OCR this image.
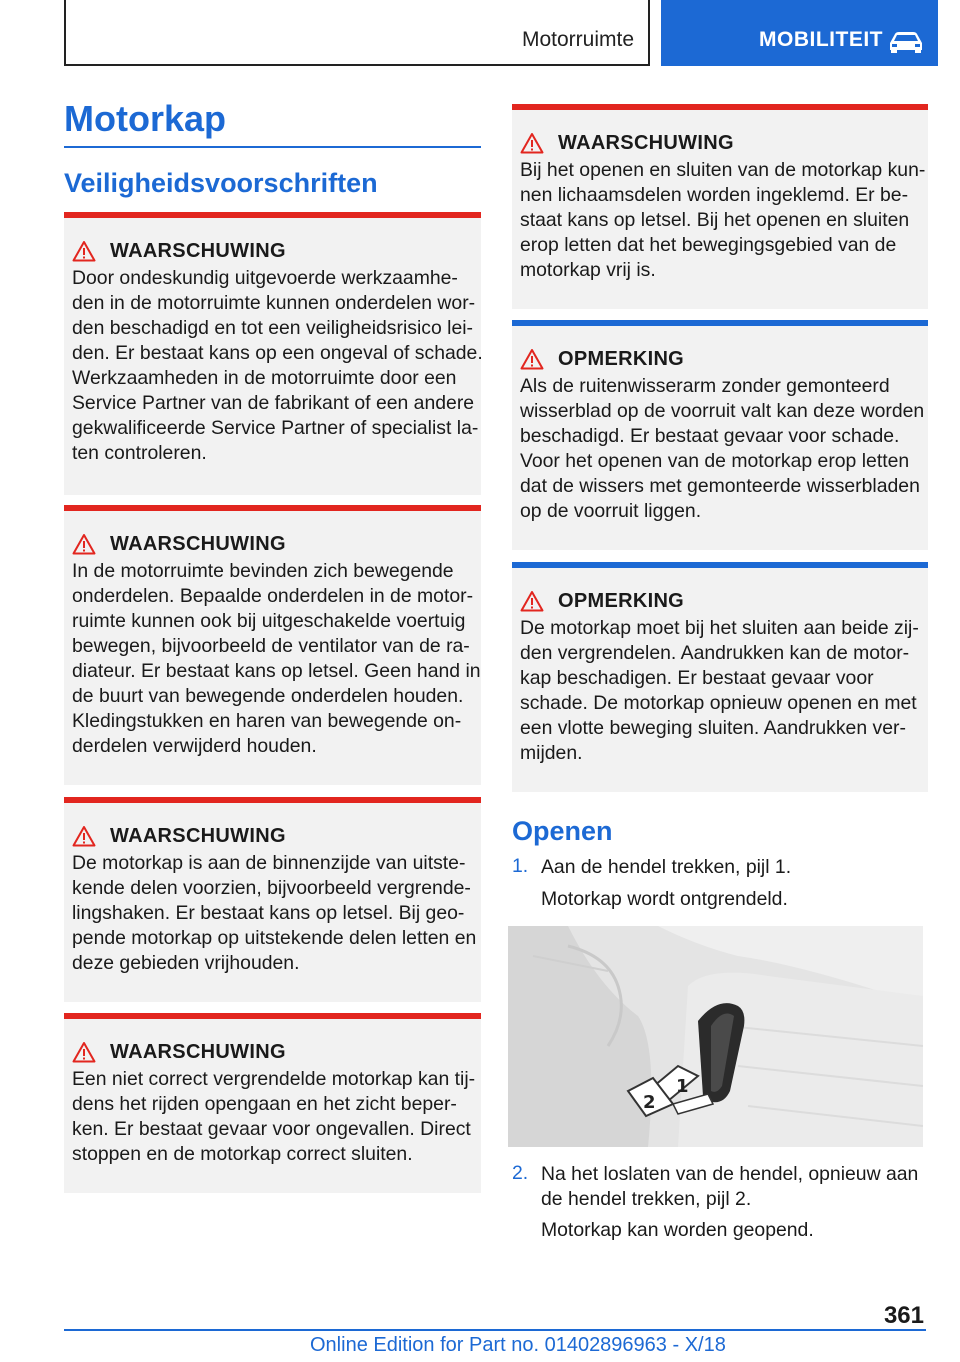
Motorruimte	MOBILITEIT
Motorkap
Veiligheidsvoorschriften
WAARSCHUWING
Door ondeskundig uitgevoerde werkzaamhe-
den in de motorruimte kunnen onderdelen wor-
den beschadigd en tot een veiligheidsrisico lei-
den. Er bestaat kans op een ongeval of schade.
Werkzaamheden in de motorruimte door een
Service Partner van de fabrikant of een andere
gekwalificeerde Service Partner of specialist la-
ten controleren.
WAARSCHUWING
In de motorruimte bevinden zich bewegende
onderdelen. Bepaalde onderdelen in de motor-
ruimte kunnen ook bij uitgeschakelde voertuig
bewegen, bijvoorbeeld de ventilator van de ra-
diateur. Er bestaat kans op letsel. Geen hand in
de buurt van bewegende onderdelen houden.
Kledingstukken en haren van bewegende on-
derdelen verwijderd houden.
WAARSCHUWING
De motorkap is aan de binnenzijde van uitste-
kende delen voorzien, bijvoorbeeld vergrende-
lingshaken. Er bestaat kans op letsel. Bij geo-
pende motorkap op uitstekende delen letten en
deze gebieden vrijhouden.
WAARSCHUWING
Een niet correct vergrendelde motorkap kan tij-
dens het rijden opengaan en het zicht beper-
ken. Er bestaat gevaar voor ongevallen. Direct
stoppen en de motorkap correct sluiten.
WAARSCHUWING
Bij het openen en sluiten van de motorkap kun-
nen lichaamsdelen worden ingeklemd. Er be-
staat kans op letsel. Bij het openen en sluiten
erop letten dat het bewegingsgebied van de
motorkap vrij is.
OPMERKING
Als de ruitenwisserarm zonder gemonteerd
wisserblad op de voorruit valt kan deze worden
beschadigd. Er bestaat gevaar voor schade.
Voor het openen van de motorkap erop letten
dat de wissers met gemonteerde wisserbladen
op de voorruit liggen.
OPMERKING
De motorkap moet bij het sluiten aan beide zij-
den vergrendelen. Aandrukken kan de motor-
kap beschadigen. Er bestaat gevaar voor
schade. De motorkap opnieuw openen en met
een vlotte beweging sluiten. Aandrukken ver-
mijden.
Openen
1. Aan de hendel trekken, pijl 1.
Motorkap wordt ontgrendeld.
1
2
2. Na het loslaten van de hendel, opnieuw aan
de hendel trekken, pijl 2.
Motorkap kan worden geopend.
361
Online Edition for Part no. 01402896963 - X/18
